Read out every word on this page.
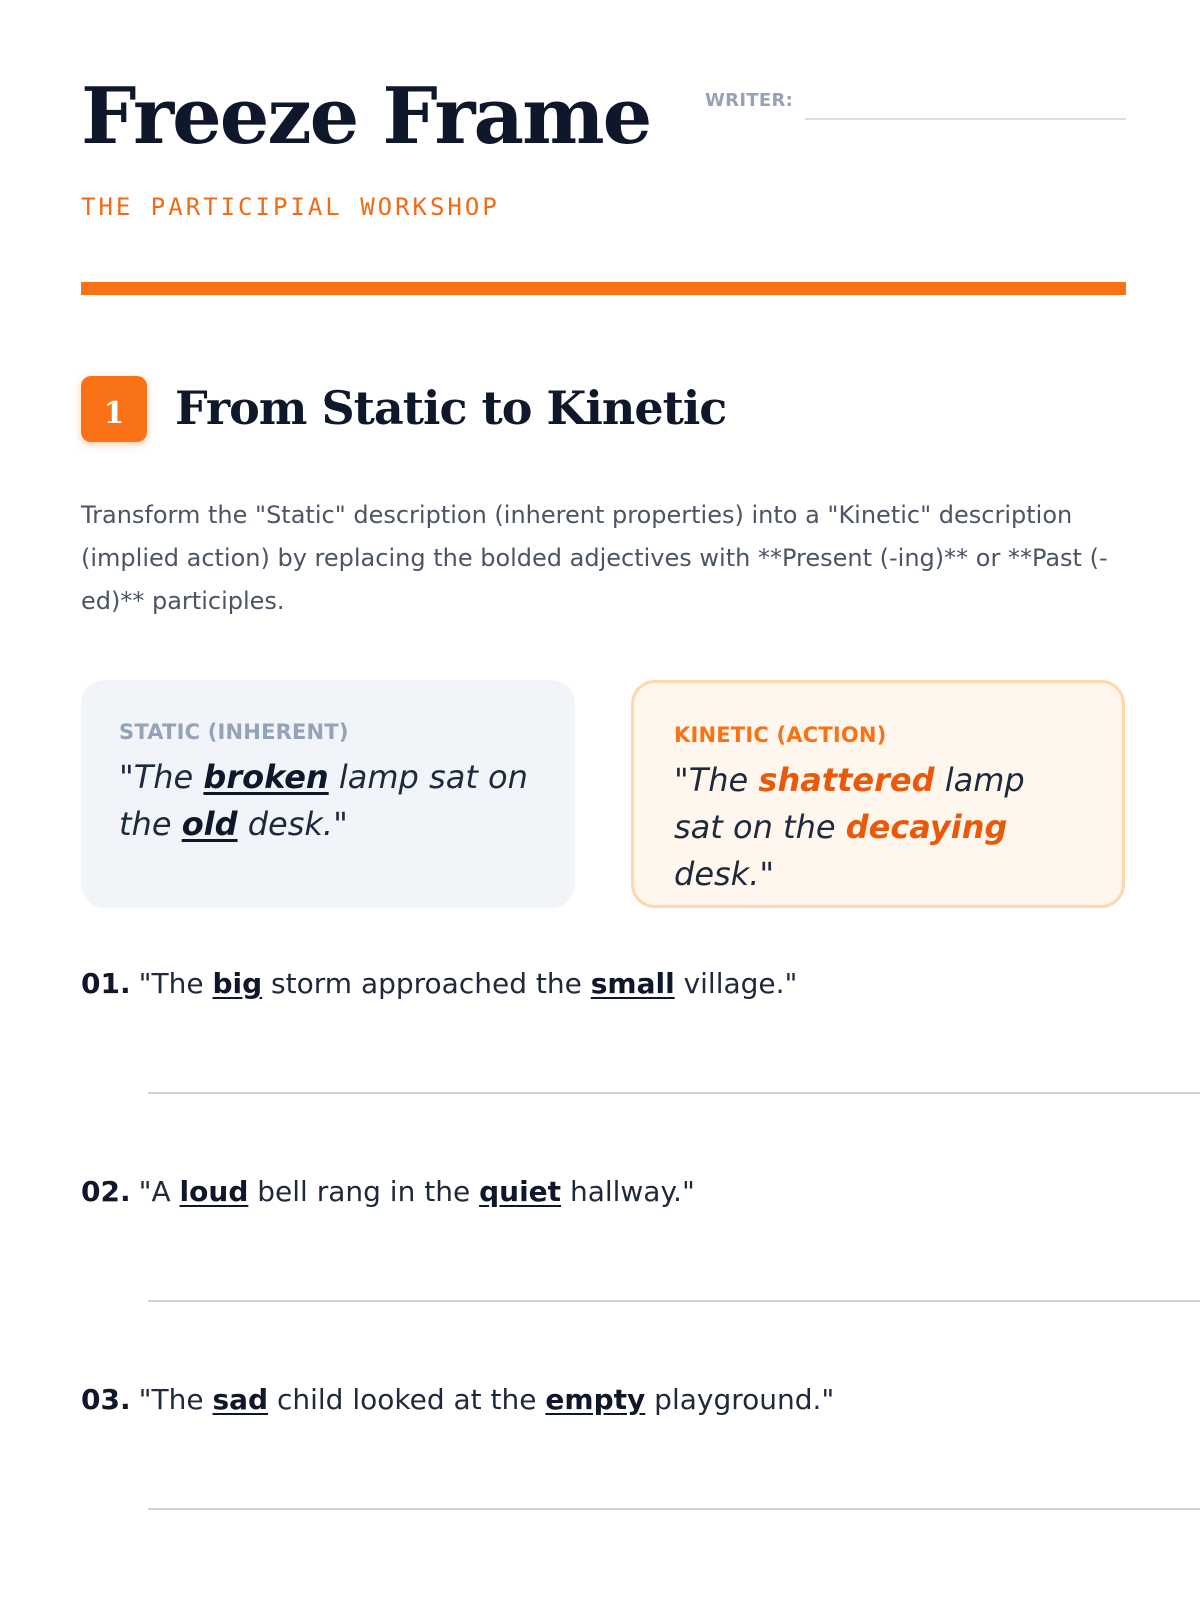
Freeze Frame
THE PARTICIPIAL WORKSHOP
WRITER:
1	From Static to Kinetic
Transform the "Static" description (inherent properties) into a "Kinetic" description (implied action) by replacing the bolded adjectives with **Present (-ing)** or **Past (-ed)** participles.
STATIC (INHERENT)
"The broken lamp sat on the old desk."
KINETIC (ACTION)
"The shattered lamp sat on the decaying desk."
01. "The big storm approached the small village."
02. "A loud bell rang in the quiet hallway."
03. "The sad child looked at the empty playground."
